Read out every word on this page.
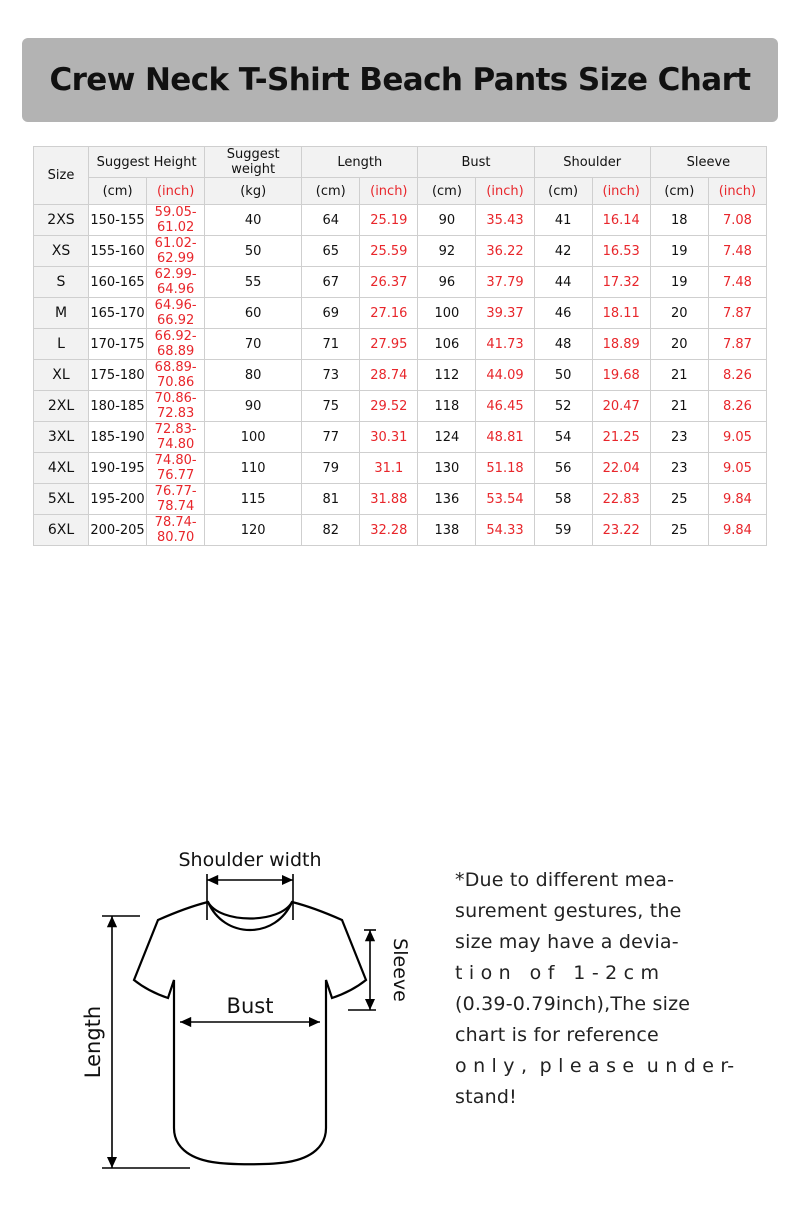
Crew Neck T-Shirt Beach Pants Size Chart
Size	Suggest Height		Suggest weight	Length		Bust		Shoulder		Sleeve	
	(cm)	(inch)	(kg)	(cm)	(inch)	(cm)	(inch)	(cm)	(inch)	(cm)	(inch)
2XS	150-155	59.05-61.02	40	64	25.19	90	35.43	41	16.14	18	7.08
XS	155-160	61.02-62.99	50	65	25.59	92	36.22	42	16.53	19	7.48
S	160-165	62.99-64.96	55	67	26.37	96	37.79	44	17.32	19	7.48
M	165-170	64.96-66.92	60	69	27.16	100	39.37	46	18.11	20	7.87
L	170-175	66.92-68.89	70	71	27.95	106	41.73	48	18.89	20	7.87
XL	175-180	68.89-70.86	80	73	28.74	112	44.09	50	19.68	21	8.26
2XL	180-185	70.86-72.83	90	75	29.52	118	46.45	52	20.47	21	8.26
3XL	185-190	72.83-74.80	100	77	30.31	124	48.81	54	21.25	23	9.05
4XL	190-195	74.80-76.77	110	79	31.1	130	51.18	56	22.04	23	9.05
5XL	195-200	76.77-78.74	115	81	31.88	136	53.54	58	22.83	25	9.84
6XL	200-205	78.74-80.70	120	82	32.28	138	54.33	59	23.22	25	9.84
Shoulder width
Sleeve
Bust
Length
*Due to different mea-
surement gestures, the
size may have a devia-
t i o n   o f   1 - 2 c m
(0.39-0.79inch),The size
chart is for reference
o n l y ,  p l e a s e  u n d e r-
stand!
